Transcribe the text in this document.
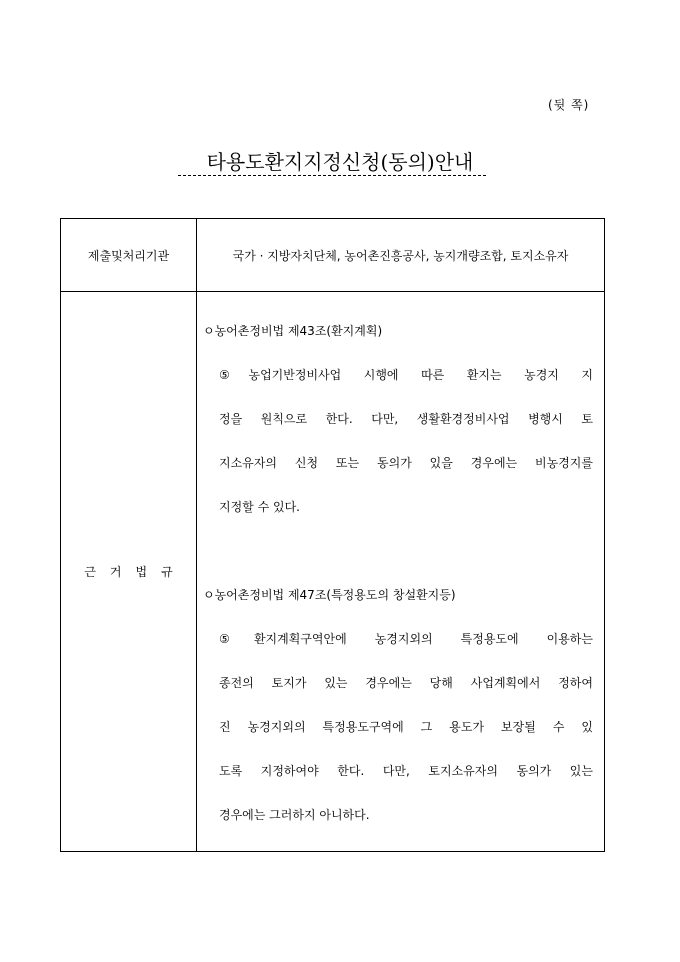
(뒷 쪽)
타용도환지지정신청(동의)안내
제출및처리기관	국가 · 지방자치단체, 농어촌진흥공사, 농지개량조합, 토지소유자
근거법규
ㅇ농어촌정비법 제43조(환지계획)
⑤농업기반정비사업 시행에 따른 환지는 농경지 지
정을 원칙으로 한다. 다만, 생활환경정비사업 병행시 토
지소유자의 신청 또는 동의가 있을 경우에는 비농경지를
지정할 수 있다.
ㅇ농어촌정비법 제47조(특정용도의 창설환지등)
⑤환지계획구역안에 농경지외의 특정용도에 이용하는
종전의 토지가 있는 경우에는 당해 사업계획에서 정하여
진 농경지외의 특정용도구역에 그 용도가 보장될 수 있
도록 지정하여야 한다. 다만, 토지소유자의 동의가 있는
경우에는 그러하지 아니하다.
